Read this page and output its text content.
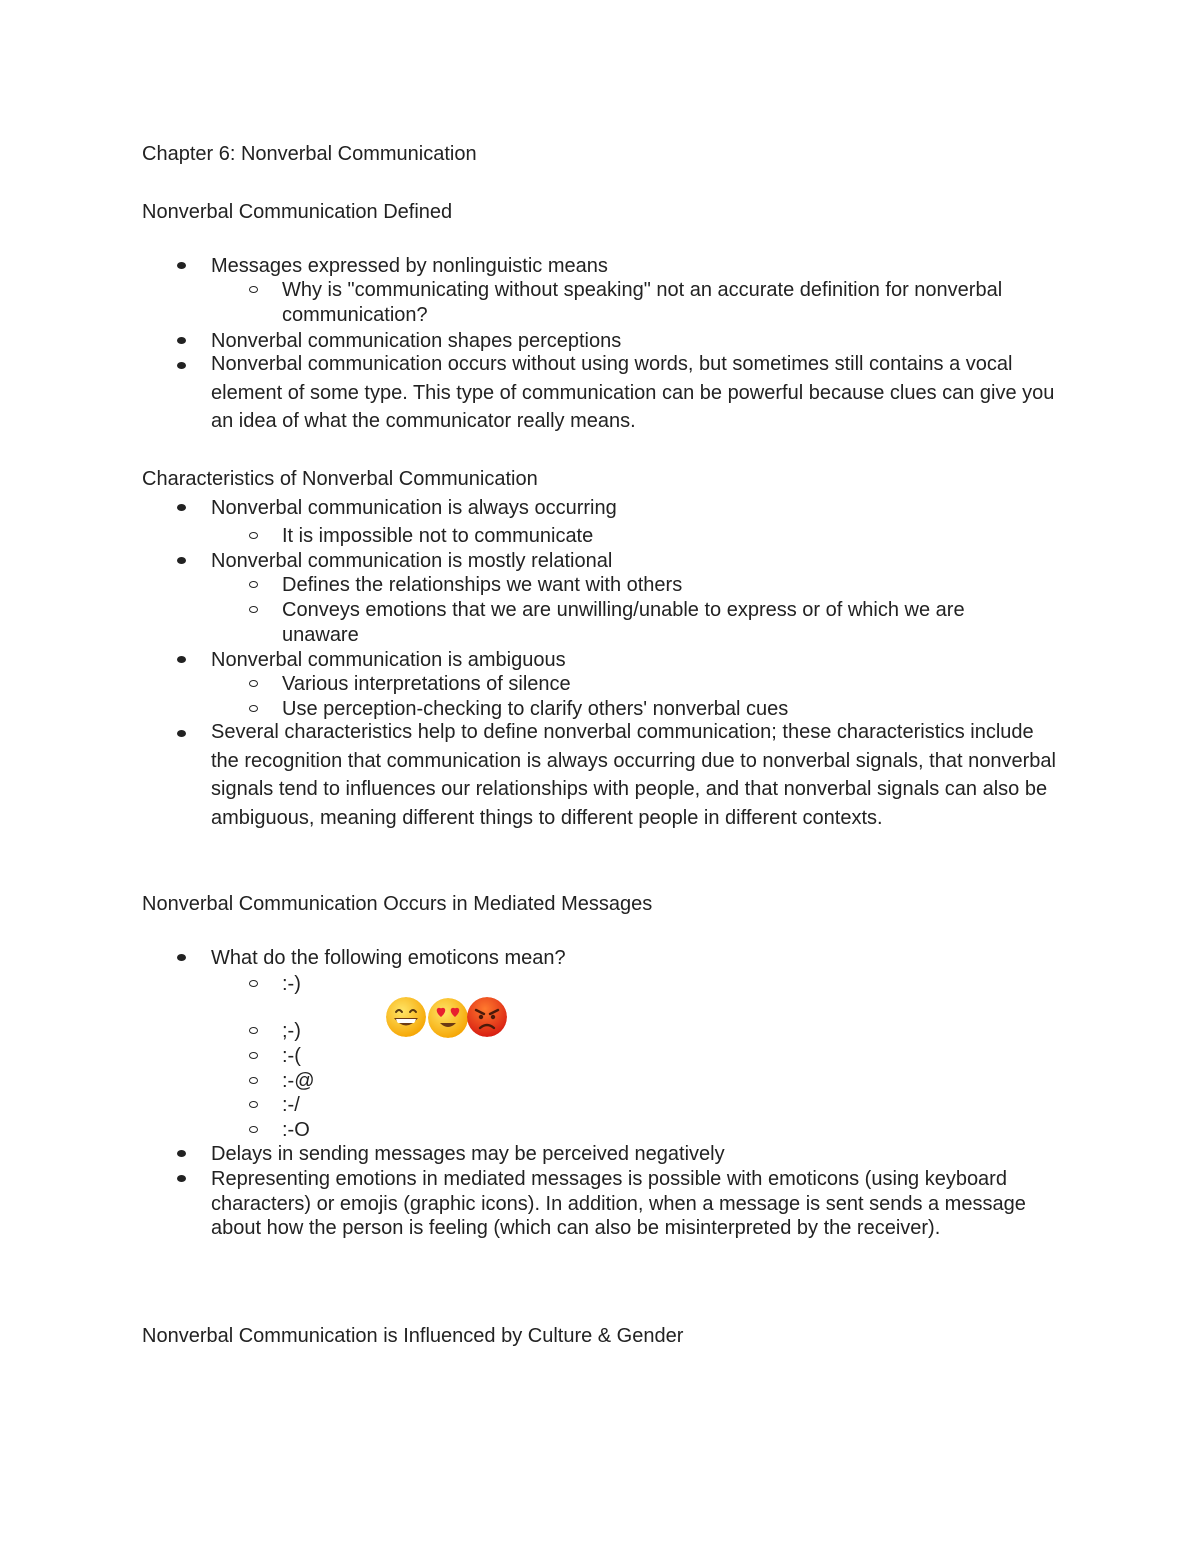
Chapter 6: Nonverbal Communication
Nonverbal Communication Defined

Messages expressed by nonlinguistic means

Why is "communicating without speaking" not an accurate definition for nonverbal communication?

Nonverbal communication shapes perceptions

Nonverbal communication occurs without using words, but sometimes still contains a vocal element of some type. This type of communication can be powerful because clues can give you an idea of what the communicator really means.

Characteristics of Nonverbal Communication

Nonverbal communication is always occurring

It is impossible not to communicate

Nonverbal communication is mostly relational

Defines the relationships we want with others

Conveys emotions that we are unwilling/unable to express or of which we are unaware

Nonverbal communication is ambiguous

Various interpretations of silence

Use perception-checking to clarify others' nonverbal cues

Several characteristics help to define nonverbal communication; these characteristics include the recognition that communication is always occurring due to nonverbal signals, that nonverbal signals tend to influences our relationships with people, and that nonverbal signals can also be ambiguous, meaning different things to different people in different contexts.

Nonverbal Communication Occurs in Mediated Messages

What do the following emoticons mean?

:-)

;-)

:-(

:-@

:-/

:-O

Delays in sending messages may be perceived negatively

Representing emotions in mediated messages is possible with emoticons (using keyboard characters) or emojis (graphic icons). In addition, when a message is sent sends a message about how the person is feeling (which can also be misinterpreted by the receiver).

Nonverbal Communication is Influenced by Culture & Gender
